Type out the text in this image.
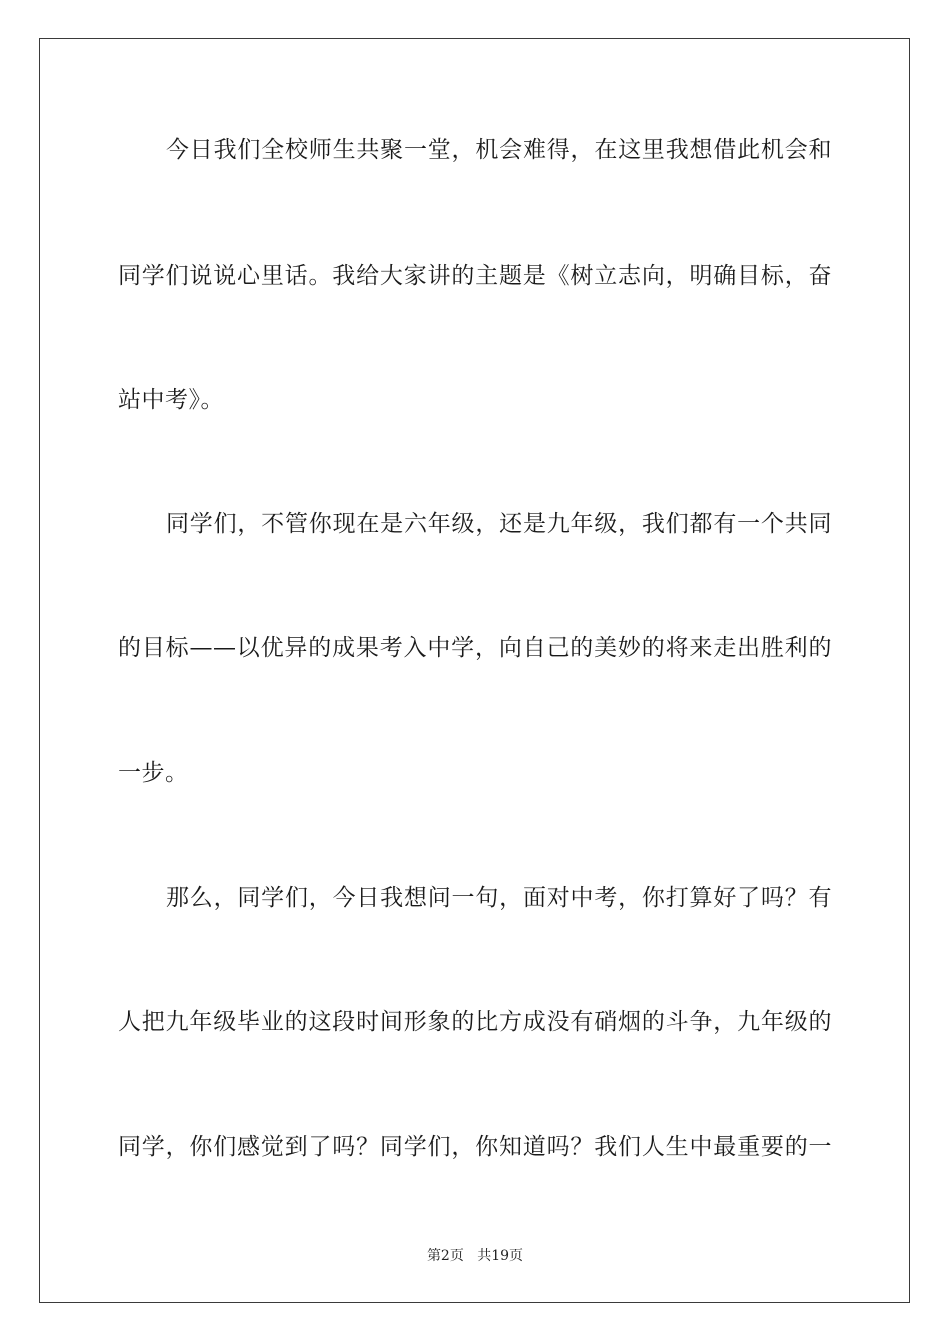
今日我们全校师生共聚一堂，机会难得，在这里我想借此机会和
同学们说说心里话。我给大家讲的主题是《树立志向，明确目标，奋
站中考》。
同学们，不管你现在是六年级，还是九年级，我们都有一个共同
的目标——以优异的成果考入中学，向自己的美妙的将来走出胜利的
一步。
那么，同学们，今日我想问一句，面对中考，你打算好了吗？有
人把九年级毕业的这段时间形象的比方成没有硝烟的斗争，九年级的
同学，你们感觉到了吗？同学们，你知道吗？我们人生中最重要的一
第2页 共19页
